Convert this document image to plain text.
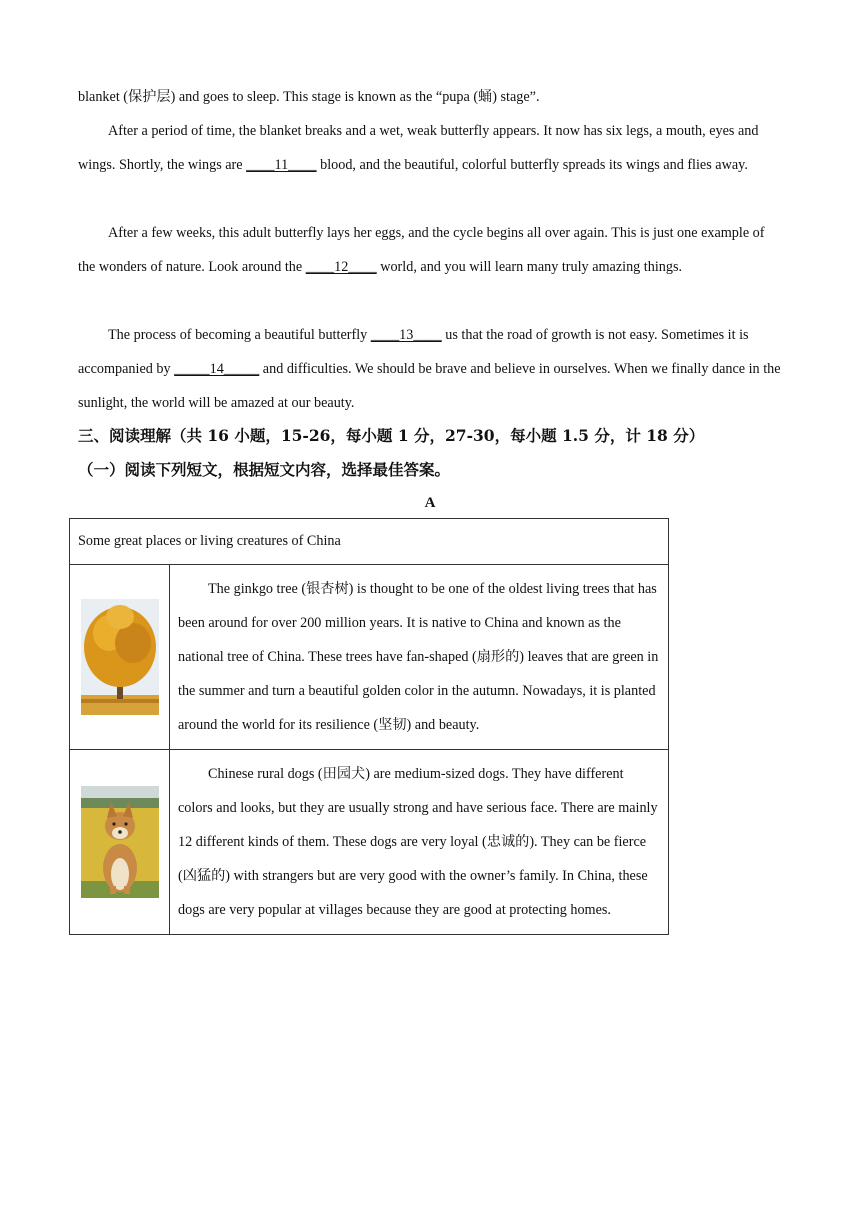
blanket (保护层) and goes to sleep. This stage is known as the “pupa (蛹) stage”.

After a period of time, the blanket breaks and a wet, weak butterfly appears. It now has six legs, a mouth, eyes and wings. Shortly, the wings are ____11____ blood, and the beautiful, colorful butterfly spreads its wings and flies away.

After a few weeks, this adult butterfly lays her eggs, and the cycle begins all over again. This is just one example of the wonders of nature. Look around the ____12____ world, and you will learn many truly amazing things.

The process of becoming a beautiful butterfly ____13____ us that the road of growth is not easy. Sometimes it is accompanied by _____14_____ and difficulties. We should be brave and believe in ourselves. When we finally dance in the sunlight, the world will be amazed at our beauty.

三、阅读理解（共 16 小题，15-26，每小题 1 分，27-30，每小题 1.5 分，计 18 分）

（一）阅读下列短文，根据短文内容，选择最佳答案。

A
Some great places or living creatures of China	

The ginkgo tree (银杏树) is thought to be one of the oldest living trees that has been around for over 200 million years. It is native to China and known as the national tree of China. These trees have fan-shaped (扇形的) leaves that are green in the summer and turn a beautiful golden color in the autumn. Nowadays, it is planted around the world for its resilience (坚韧) and beauty.

Chinese rural dogs (田园犬) are medium-sized dogs. They have different colors and looks, but they are usually strong and have serious face. There are mainly 12 different kinds of them. These dogs are very loyal (忠诚的). They can be fierce (凶猛的) with strangers but are very good with the owner’s family. In China, these dogs are very popular at villages because they are good at protecting homes.
